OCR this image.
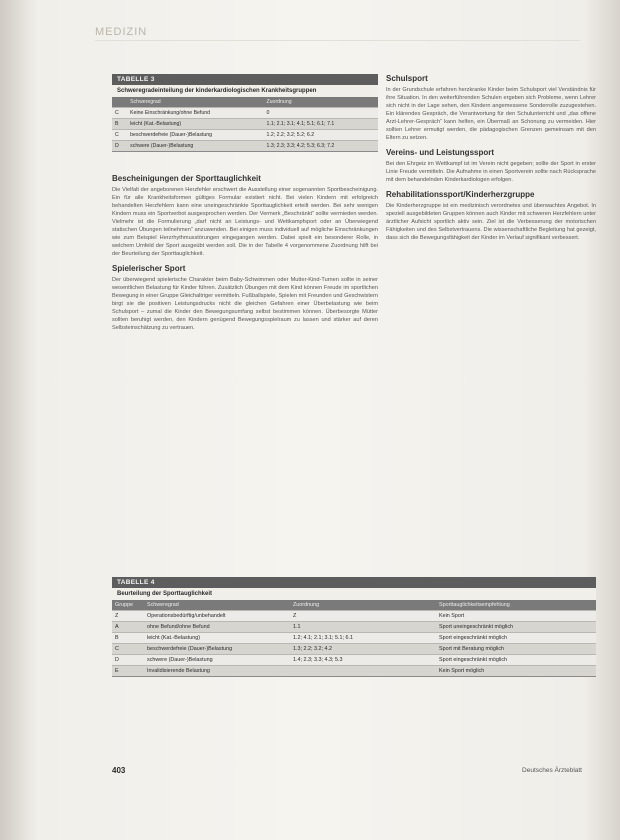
MEDIZIN
TABELLE 3
Schweregradeinteilung der kinderkardiologischen Krankheitsgruppen
	Schweregrad	Zuordnung
C	Keine Einschränkung/ohne Befund	0
B	leicht (Kat.-Belastung)	1.1; 2.1; 3.1; 4.1; 5.1; 6.1; 7.1
C	beschwerdefreie (Dauer-)Belastung	1.2; 2.2; 3.2; 5.2; 6.2
D	schwere (Dauer-)Belastung	1.3; 2.3; 3.3; 4.2; 5.3; 6.3; 7.2
Bescheinigungen der Sporttauglichkeit

Die Vielfalt der angeborenen Herzfehler erschwert die Ausstellung einer sogenannten Sportbescheinigung. Ein für alle Krankheitsformen gültiges Formular existiert nicht. Bei vielen Kindern mit erfolgreich behandelten Herzfehlern kann eine uneingeschränkte Sporttauglichkeit erteilt werden. Bei sehr wenigen Kindern muss ein Sportverbot ausgesprochen werden. Der Vermerk „Beschränkt“ sollte vermieden werden. Vielmehr ist die Formulierung „darf nicht an Leistungs- und Wettkampfsport oder an Überwiegend statischen Übungen teilnehmen“ anzuwenden. Bei einigen muss individuell auf mögliche Einschränkungen wie zum Beispiel Herzrhythmusstörungen eingegangen werden. Dabei spielt ein besonderer Rolle, in welchem Umfeld der Sport ausgeübt werden soll. Die in der Tabelle 4 vorgenommene Zuordnung hilft bei der Beurteilung der Sporttauglichkeit.

Spielerischer Sport

Der überwiegend spielerische Charakter beim Baby-Schwimmen oder Mutter-Kind-Turnen sollte in seiner wesentlichen Belastung für Kinder führen. Zusätzlich Übungen mit dem Kind können Freude im sportlichen Bewegung in einer Gruppe Gleichaltriger vermitteln. Fußballspiele, Spielen mit Freunden und Geschwistern birgt sie die positiven Leistungsdrucks nicht die gleichen Gefahren einer Überbelastung wie beim Schulsport – zumal die Kinder den Bewegungsumfang selbst bestimmen können. Überbesorgte Mütter sollten beruhigt werden, den Kindern genügend Bewegungsspielraum zu lassen und stärker auf deren Selbsteinschätzung zu vertrauen.

Schulsport

In der Grundschule erfahren herzkranke Kinder beim Schulsport viel Verständnis für ihre Situation. In den weiterführenden Schulen ergeben sich Probleme, wenn Lehrer sich nicht in der Lage sehen, den Kindern angemessene Sonderrolle zuzugestehen. Ein klärendes Gespräch, die Verantwortung für den Schulunterricht und „das offene Arzt-Lehrer-Gespräch“ kann helfen, ein Übermaß an Schonung zu vermeiden. Hier sollten Lehrer ermutigt werden, die pädagogischen Grenzen gemeinsam mit den Eltern zu setzen.

Vereins- und Leistungssport

Bei den Ehrgeiz im Wettkampf ist im Verein nicht gegeben; sollte der Sport in erster Linie Freude vermitteln. Die Aufnahme in einen Sportverein sollte nach Rücksprache mit dem behandelnden Kinderkardiologen erfolgen.

Rehabilitationssport/Kinderherzgruppe

Die Kinderherzgruppe ist ein medizinisch verordnetes und überwachtes Angebot. In speziell ausgebildeten Gruppen können auch Kinder mit schweren Herzfehlern unter ärztlicher Aufsicht sportlich aktiv sein. Ziel ist die Verbesserung der motorischen Fähigkeiten und des Selbstvertrauens. Die wissenschaftliche Begleitung hat gezeigt, dass sich die Bewegungsfähigkeit der Kinder im Verlauf signifikant verbessert.

TABELLE 4
Beurteilung der Sporttauglichkeit
Gruppe	Schweregrad	Zuordnung	Sporttauglichkeitsempfehlung
Z	Operationsbedürftig/unbehandelt	Z	Kein Sport
A	ohne Befund/ohne Befund	1.1	Sport uneingeschränkt möglich
B	leicht (Kat.-Belastung)	1.2; 4.1; 2.1; 3.1; 5.1; 6.1	Sport eingeschränkt möglich
C	beschwerdefreie (Dauer-)Belastung	1.3; 2.2; 3.2; 4.2	Sport mit Beratung möglich
D	schwere (Dauer-)Belastung	1.4; 2.3; 3.3; 4.3; 5.3	Sport eingeschränkt möglich
E	Invalidisierende Belastung		Kein Sport möglich
403	Deutsches Ärzteblatt
